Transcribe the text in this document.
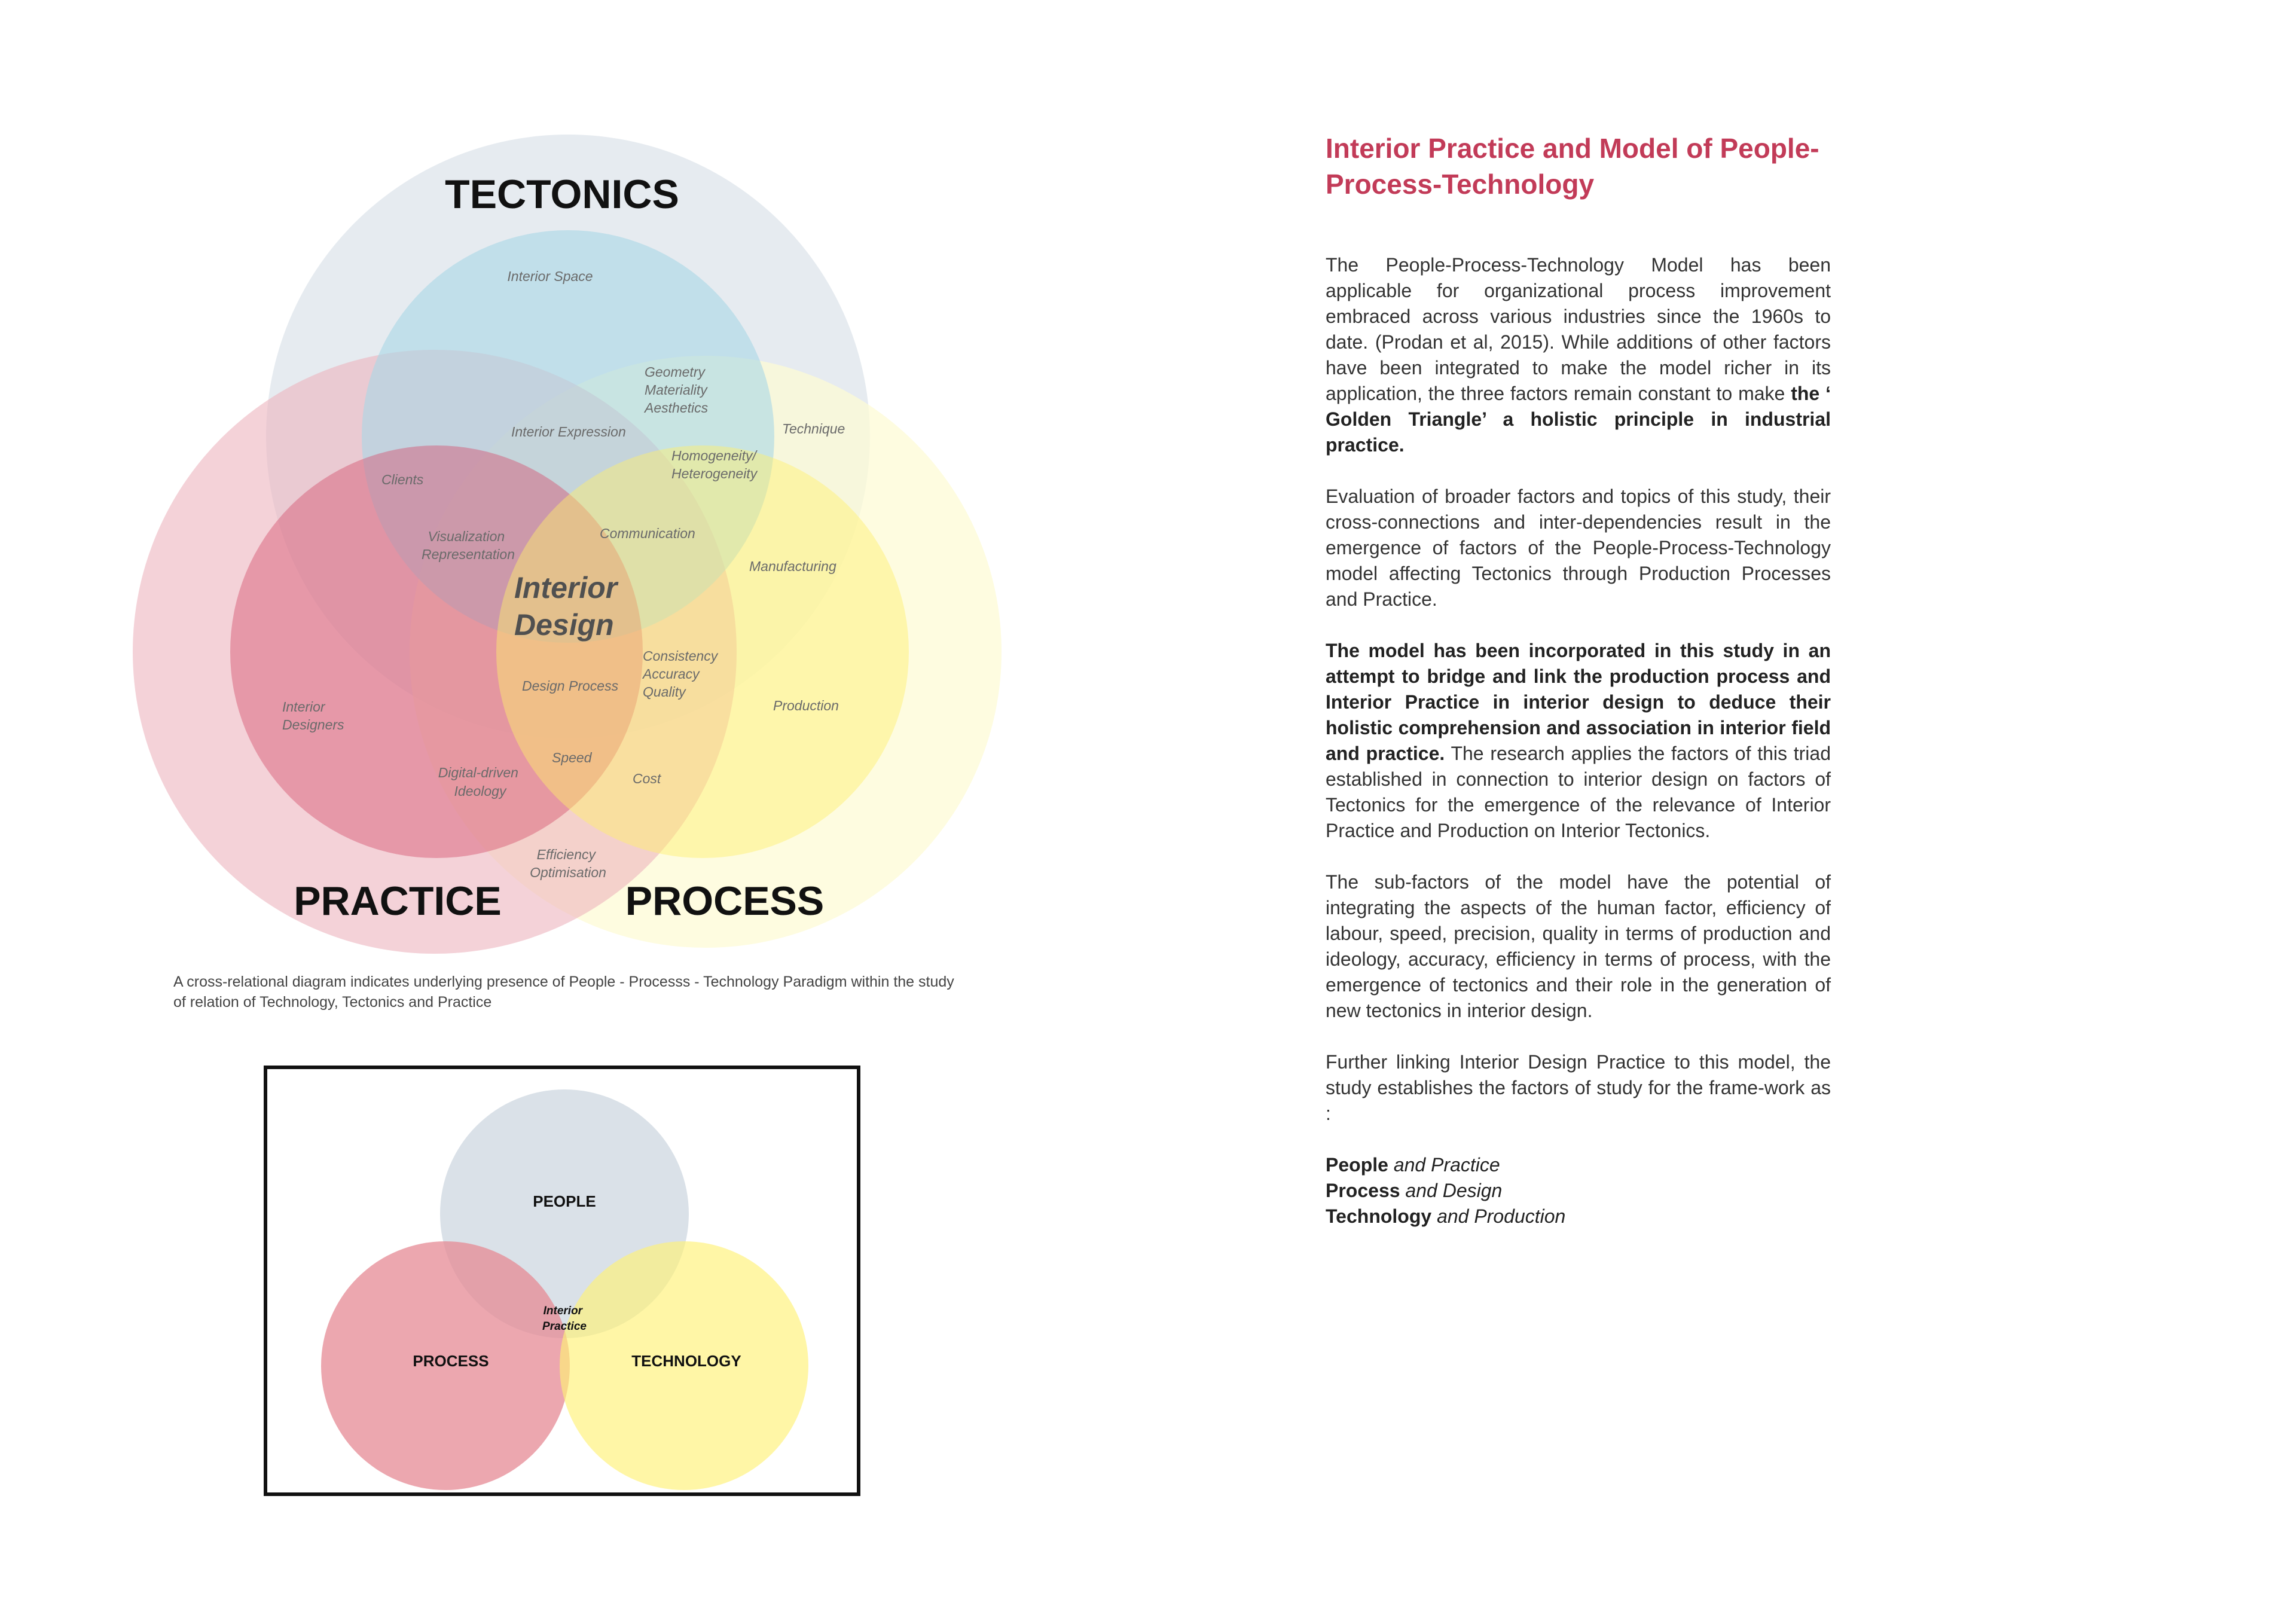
TECTONICS
PRACTICE	PROCESS
Interior Design
Interior Space
Geometry Materiality Aesthetics
Technique
Interior Expression
Homogeneity/ Heterogeneity
Clients
Visualization Representation
Communication
Manufacturing
Consistency Accuracy Quality
Design Process
Interior Designers
Production
Digital-driven Ideology
Speed
Cost
Efficiency Optimisation
A cross-relational diagram indicates underlying presence of People - Processs - Technology Paradigm within the study of relation of Technology, Tectonics and Practice
PEOPLE
PROCESS	TECHNOLOGY
Interior Practice
Interior Practice and Model of People-Process-Technology

The People-Process-Technology Model has been applicable for organizational process improvement embraced across various industries since the 1960s to date. (Prodan et al, 2015). While additions of other factors have been integrated to make the model richer in its application, the three factors remain constant to make the ‘ Golden Triangle’ a holistic principle in industrial practice.

Evaluation of broader factors and topics of this study, their cross-connections and inter-dependencies result in the emergence of factors of the People-Process-Technology model affecting Tectonics through Production Processes and Practice.

The model has been incorporated in this study in an attempt to bridge and link the production process and Interior Practice in interior design to deduce their holistic comprehension and association in interior field and practice. The research applies the factors of this triad established in connection to interior design on factors of Tectonics for the emergence of the relevance of Interior Practice and Production on Interior Tectonics.

The sub-factors of the model have the potential of integrating the aspects of the human factor, efficiency of labour, speed, precision, quality in terms of production and ideology, accuracy, efficiency in terms of process, with the emergence of tectonics and their role in the generation of new tectonics in interior design.

Further linking Interior Design Practice to this model, the study establishes the factors of study for the frame-work as :

People and Practice
Process and Design
Technology and Production
